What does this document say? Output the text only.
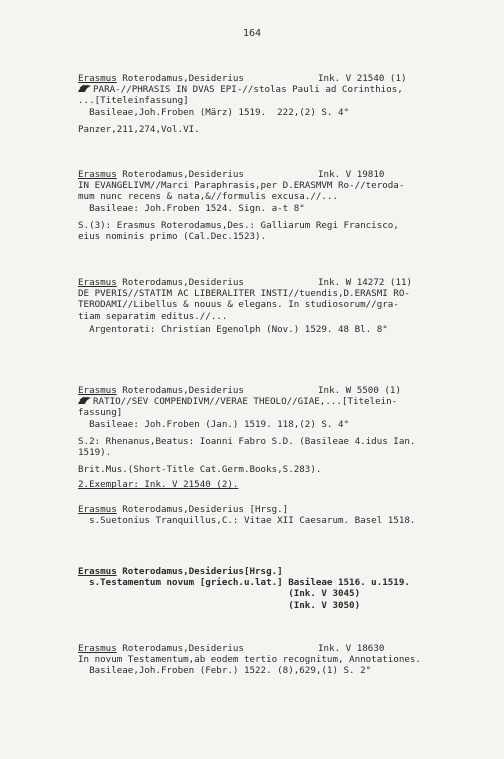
164
Erasmus Roterodamus,Desiderius	Ink. V 21540 (1)
PARA-//PHRASIS IN DVAS EPI-//stolas Pauli ad Corinthios,
...[Titeleinfassung]
Basileae,Joh.Froben (März) 1519.  222,(2) S. 4°
Panzer,211,274,Vol.VI.
Erasmus Roterodamus,Desiderius	Ink. V 19810
IN EVANGELIVM//Marci Paraphrasis,per D.ERASMVM Ro-//teroda-
mum nunc recens & nata,&//formulis excusa.//...
Basileae: Joh.Froben 1524. Sign. a-t 8°
S.(3): Erasmus Roterodamus,Des.: Galliarum Regi Francisco,
eius nominis primo (Cal.Dec.1523).
Erasmus Roterodamus,Desiderius	Ink. W 14272 (11)
DE PVERIS//STATIM AC LIBERALITER INSTI//tuendis,D.ERASMI RO-
TERODAMI//Libellus & nouus & elegans. In studiosorum//gra-
tiam separatim editus.//...
Argentorati: Christian Egenolph (Nov.) 1529. 48 Bl. 8°
Erasmus Roterodamus,Desiderius	Ink. W 5500 (1)
RATIO//SEV COMPENDIVM//VERAE THEOLO//GIAE,...[Titelein-
fassung]
Basileae: Joh.Froben (Jan.) 1519. 118,(2) S. 4°
S.2: Rhenanus,Beatus: Ioanni Fabro S.D. (Basileae 4.idus Ian.
1519).
Brit.Mus.(Short-Title Cat.Germ.Books,S.283).
2.Exemplar: Ink. V 21540 (2).
Erasmus Roterodamus,Desiderius [Hrsg.]
s.Suetonius Tranquillus,C.: Vitae XII Caesarum. Basel 1518.
Erasmus Roterodamus,Desiderius[Hrsg.]
s.Testamentum novum [griech.u.lat.] Basileae 1516. u.1519.
(Ink. V 3045)
(Ink. V 3050)
Erasmus Roterodamus,Desiderius	Ink. V 18630
In novum Testamentum,ab eodem tertio recognitum, Annotationes.
Basileae,Joh.Froben (Febr.) 1522. (8),629,(1) S. 2°
